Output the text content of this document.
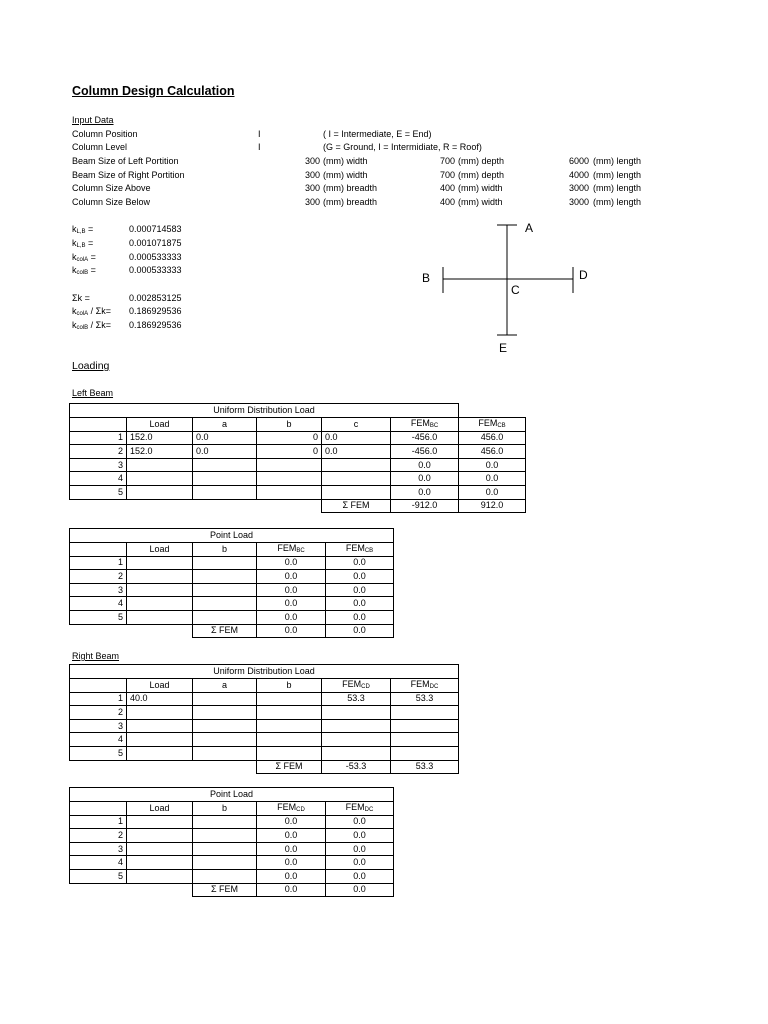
Column Design Calculation
Input Data
Column Position	I	( I = Intermediate, E = End)
Column Level	I	(G = Ground, I = Intermidiate, R = Roof)
Beam Size of Left Portition	300 (mm) width	700 (mm) depth	6000 (mm) length
Beam Size of Right Portition	300 (mm) width	700 (mm) depth	4000 (mm) length
Column Size Above	300 (mm) breadth	400 (mm) width	3000 (mm) length
Column Size Below	300 (mm) breadth	400 (mm) width	3000 (mm) length
$k_{L,B}$ =	0.000714583
$k_{L,B}$ =	0.001071875
$k_{colA}$ =	0.000533333
$k_{colB}$ =	0.000533333
Σk =	0.002853125
$k_{colA} / \Sigma k= 0.186929536$
$k_{colB} / \Sigma k= 0.186929536$
A
B
C
D
E
Loading
Left Beam
Uniform Distribution Load						
	Load	a	b	c	$FEM_{BC}$	$FEM_{CB}$
1	152.0	0.0	0	0.0	-456.0	456.0
2	152.0	0.0	0	0.0	-456.0	456.0
3					0.0	0.0
4					0.0	0.0
5					0.0	0.0
				Σ FEM	-912.0	912.0
Point Load				
	Load	b	$FEM_{BC}$	$FEM_{CB}$
1			0.0	0.0
2			0.0	0.0
3			0.0	0.0
4			0.0	0.0
5			0.0	0.0
		Σ FEM	0.0	0.0
Right Beam
Uniform Distribution Load					
	Load	a	b	$FEM_{CD}$	$FEM_{DC}$
1	40.0			53.3	53.3
2					
3					
4					
5					
			Σ FEM	-53.3	53.3
Point Load				
	Load	b	$FEM_{CD}$	$FEM_{DC}$
1			0.0	0.0
2			0.0	0.0
3			0.0	0.0
4			0.0	0.0
5			0.0	0.0
		Σ FEM	0.0	0.0
